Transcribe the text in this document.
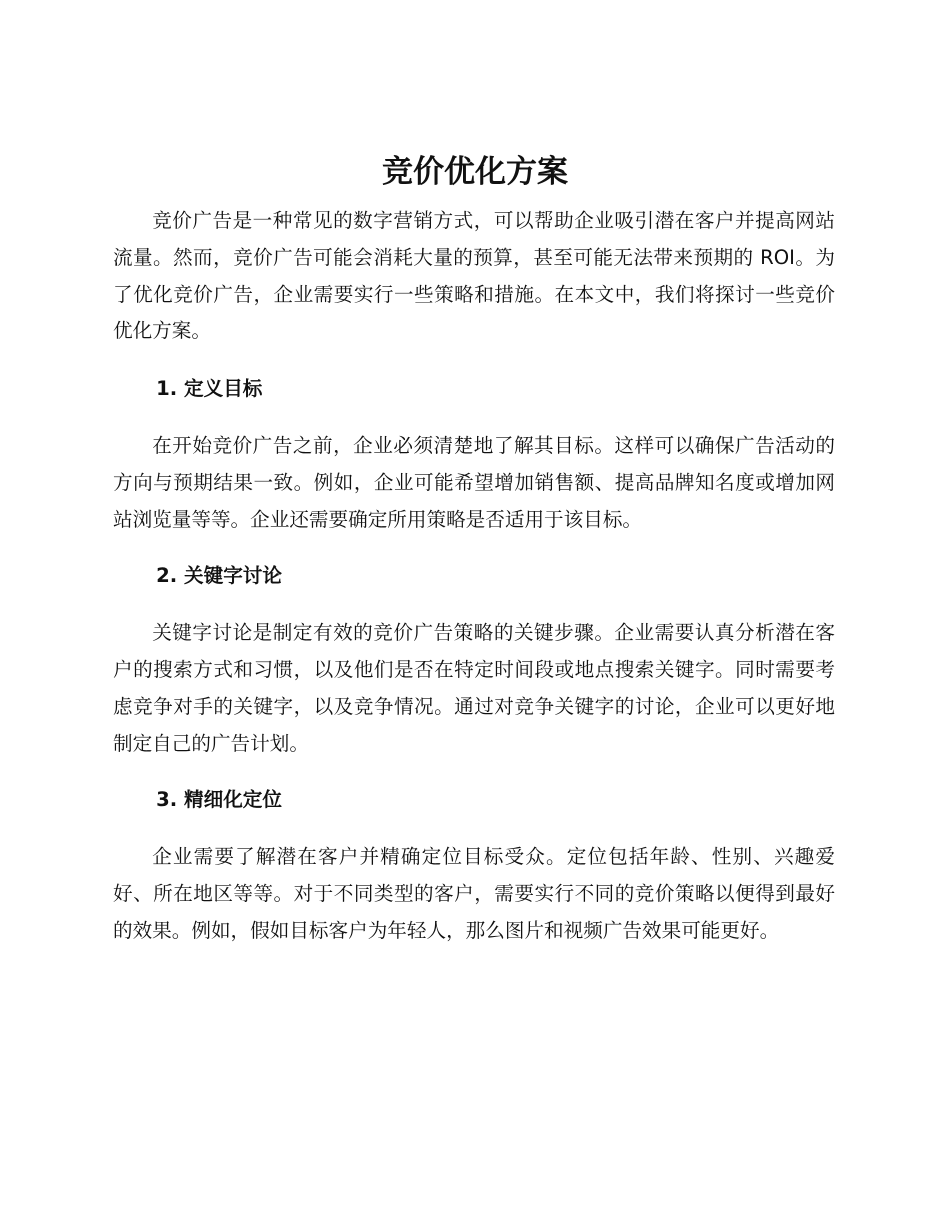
竞价优化方案

竞价广告是一种常见的数字营销方式，可以帮助企业吸引潜在客户并提高网站流量。然而，竞价广告可能会消耗大量的预算，甚至可能无法带来预期的 ROI。为了优化竞价广告，企业需要实行一些策略和措施。在本文中，我们将探讨一些竞价优化方案。

1. 定义目标

在开始竞价广告之前，企业必须清楚地了解其目标。这样可以确保广告活动的方向与预期结果一致。例如，企业可能希望增加销售额、提高品牌知名度或增加网站浏览量等等。企业还需要确定所用策略是否适用于该目标。

2. 关键字讨论

关键字讨论是制定有效的竞价广告策略的关键步骤。企业需要认真分析潜在客户的搜索方式和习惯，以及他们是否在特定时间段或地点搜索关键字。同时需要考虑竞争对手的关键字，以及竞争情况。通过对竞争关键字的讨论，企业可以更好地制定自己的广告计划。

3. 精细化定位

企业需要了解潜在客户并精确定位目标受众。定位包括年龄、性别、兴趣爱好、所在地区等等。对于不同类型的客户，需要实行不同的竞价策略以便得到最好的效果。例如，假如目标客户为年轻人，那么图片和视频广告效果可能更好。
